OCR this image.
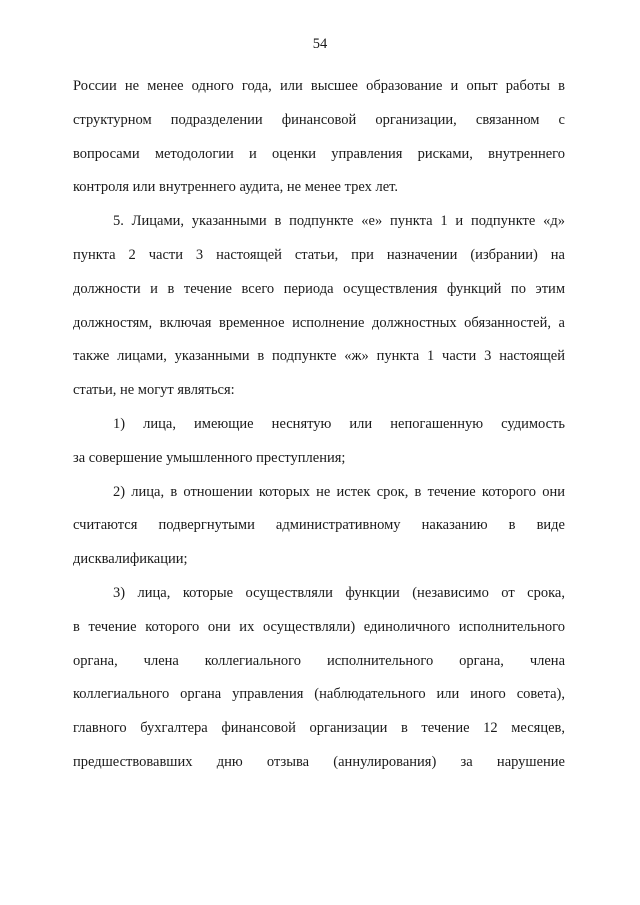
54
России не менее одного года, или высшее образование и опыт работы в
структурном подразделении финансовой организации, связанном с
вопросами методологии и оценки управления рисками, внутреннего
контроля или внутреннего аудита, не менее трех лет.
5. Лицами, указанными в подпункте «е» пункта 1 и подпункте «д»
пункта 2 части 3 настоящей статьи, при назначении (избрании) на
должности и в течение всего периода осуществления функций по этим
должностям, включая временное исполнение должностных обязанностей, а
также лицами, указанными в подпункте «ж» пункта 1 части 3 настоящей
статьи, не могут являться:
1) лица, имеющие неснятую или непогашенную судимость
за совершение умышленного преступления;
2) лица, в отношении которых не истек срок, в течение которого они
считаются подвергнутыми административному наказанию в виде
дисквалификации;
3) лица, которые осуществляли функции (независимо от срока,
в течение которого они их осуществляли) единоличного исполнительного
органа, члена коллегиального исполнительного органа, члена
коллегиального органа управления (наблюдательного или иного совета),
главного бухгалтера финансовой организации в течение 12 месяцев,
предшествовавших дню отзыва (аннулирования) за нарушение
